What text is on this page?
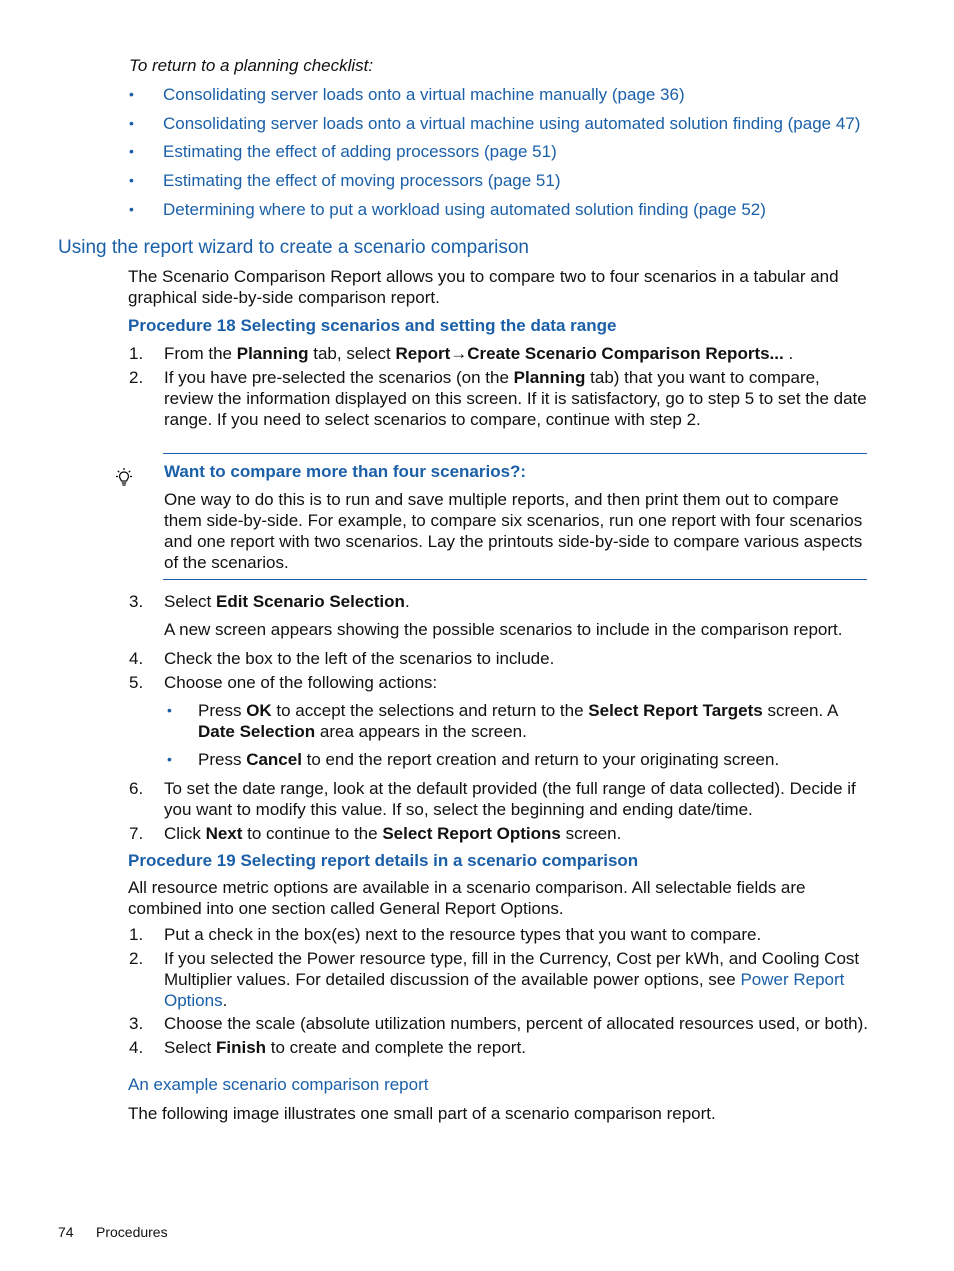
To return to a planning checklist:
• Consolidating server loads onto a virtual machine manually (page 36)
• Consolidating server loads onto a virtual machine using automated solution finding (page 47)
• Estimating the effect of adding processors (page 51)
• Estimating the effect of moving processors (page 51)
• Determining where to put a workload using automated solution finding (page 52)
Using the report wizard to create a scenario comparison
The Scenario Comparison Report allows you to compare two to four scenarios in a tabular and graphical side-by-side comparison report.
Procedure 18 Selecting scenarios and setting the data range
1. From the Planning tab, select Report→Create Scenario Comparison Reports... .
2. If you have pre-selected the scenarios (on the Planning tab) that you want to compare, review the information displayed on this screen. If it is satisfactory, go to step 5 to set the date range. If you need to select scenarios to compare, continue with step 2.
Want to compare more than four scenarios?:
One way to do this is to run and save multiple reports, and then print them out to compare them side-by-side. For example, to compare six scenarios, run one report with four scenarios and one report with two scenarios. Lay the printouts side-by-side to compare various aspects of the scenarios.
3. Select Edit Scenario Selection.
A new screen appears showing the possible scenarios to include in the comparison report.
4. Check the box to the left of the scenarios to include.
5. Choose one of the following actions:
• Press OK to accept the selections and return to the Select Report Targets screen. A Date Selection area appears in the screen.
• Press Cancel to end the report creation and return to your originating screen.
6. To set the date range, look at the default provided (the full range of data collected). Decide if you want to modify this value. If so, select the beginning and ending date/time.
7. Click Next to continue to the Select Report Options screen.
Procedure 19 Selecting report details in a scenario comparison
All resource metric options are available in a scenario comparison. All selectable fields are combined into one section called General Report Options.
1. Put a check in the box(es) next to the resource types that you want to compare.
2. If you selected the Power resource type, fill in the Currency, Cost per kWh, and Cooling Cost Multiplier values. For detailed discussion of the available power options, see Power Report Options.
3. Choose the scale (absolute utilization numbers, percent of allocated resources used, or both).
4. Select Finish to create and complete the report.
An example scenario comparison report
The following image illustrates one small part of a scenario comparison report.
74 Procedures
